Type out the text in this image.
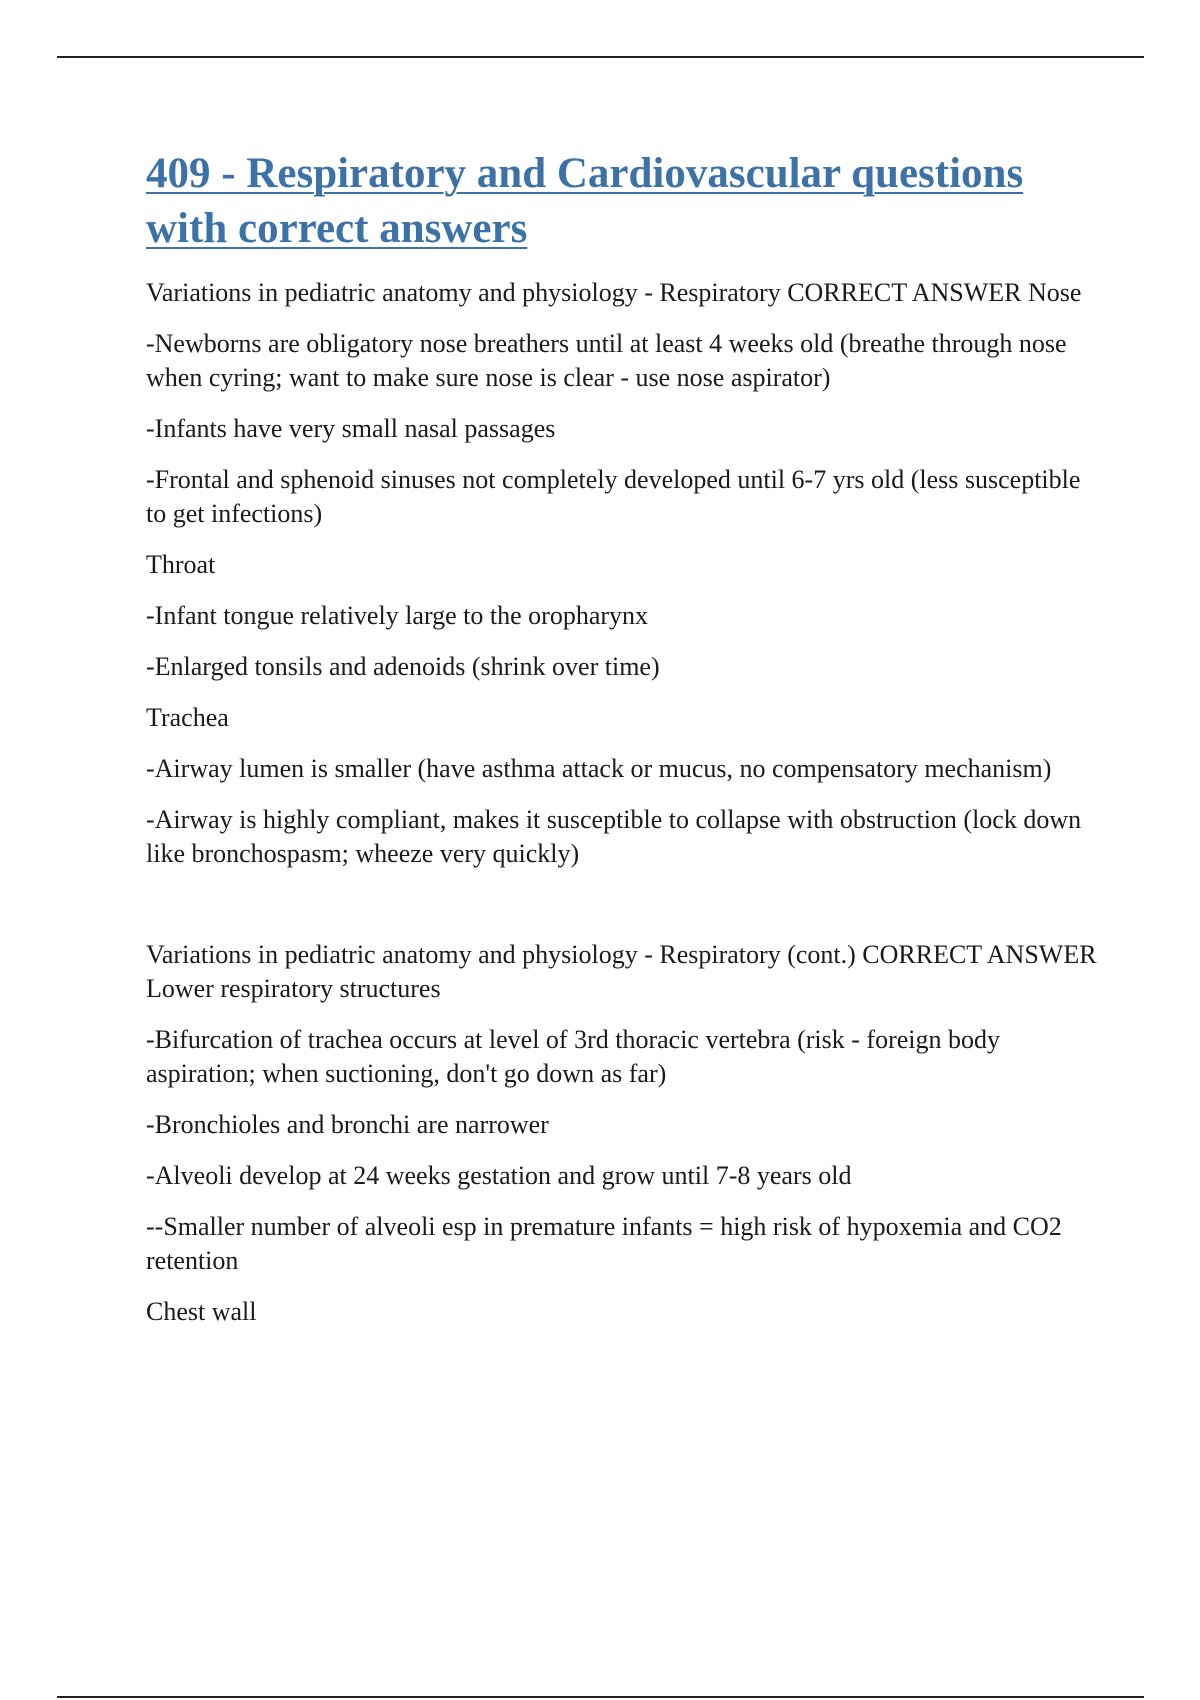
409 - Respiratory and Cardiovascular questions with correct answers

Variations in pediatric anatomy and physiology - Respiratory CORRECT ANSWER Nose

-Newborns are obligatory nose breathers until at least 4 weeks old (breathe through nose when cyring; want to make sure nose is clear - use nose aspirator)

-Infants have very small nasal passages

-Frontal and sphenoid sinuses not completely developed until 6-7 yrs old (less susceptible to get infections)

Throat

-Infant tongue relatively large to the oropharynx

-Enlarged tonsils and adenoids (shrink over time)

Trachea

-Airway lumen is smaller (have asthma attack or mucus, no compensatory mechanism)

-Airway is highly compliant, makes it susceptible to collapse with obstruction (lock down like bronchospasm; wheeze very quickly)

Variations in pediatric anatomy and physiology - Respiratory (cont.) CORRECT ANSWER Lower respiratory structures

-Bifurcation of trachea occurs at level of 3rd thoracic vertebra (risk - foreign body aspiration; when suctioning, don't go down as far)

-Bronchioles and bronchi are narrower

-Alveoli develop at 24 weeks gestation and grow until 7-8 years old

--Smaller number of alveoli esp in premature infants = high risk of hypoxemia and CO2 retention

Chest wall
